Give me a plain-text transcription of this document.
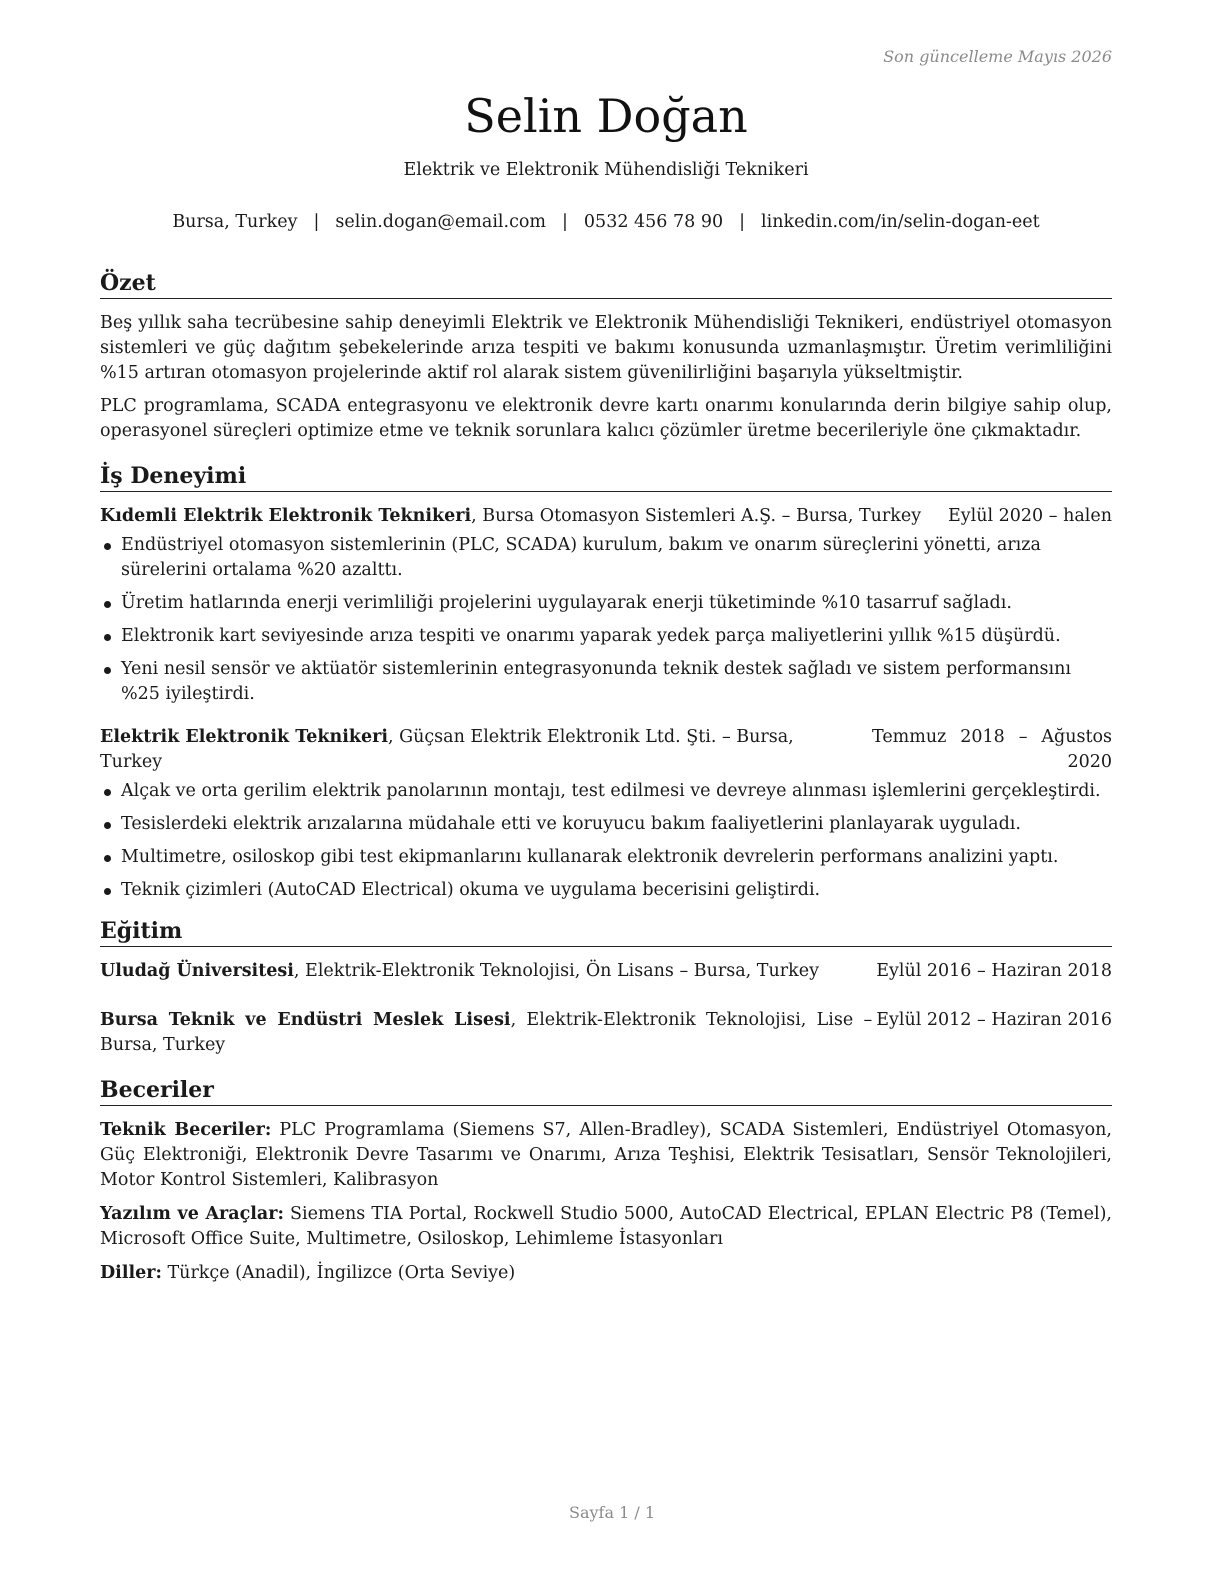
Son güncelleme Mayıs 2026
Selin Doğan
Elektrik ve Elektronik Mühendisliği Teknikeri
Bursa, Turkey | selin.dogan@email.com | 0532 456 78 90 | linkedin.com/in/selin-dogan-eet
Özet

Beş yıllık saha tecrübesine sahip deneyimli Elektrik ve Elektronik Mühendisliği Teknikeri, endüstriyel otomasyon sistemleri ve güç dağıtım şebekelerinde arıza tespiti ve bakımı konusunda uzmanlaşmıştır. Üretim verimliliğini %15 artıran otomasyon projelerinde aktif rol alarak sistem güvenilirliğini başarıyla yükseltmiştir.

PLC programlama, SCADA entegrasyonu ve elektronik devre kartı onarımı konularında derin bilgiye sahip olup, operasyonel süreçleri optimize etme ve teknik sorunlara kalıcı çözümler üretme becerileriyle öne çıkmaktadır.

İş Deneyimi
Kıdemli Elektrik Elektronik Teknikeri, Bursa Otomasyon Sistemleri A.Ş. – Bursa, Turkey	Eylül 2020 – halen
Endüstriyel otomasyon sistemlerinin (PLC, SCADA) kurulum, bakım ve onarım süreçlerini yönetti, arıza sürelerini ortalama %20 azalttı.
Üretim hatlarında enerji verimliliği projelerini uygulayarak enerji tüketiminde %10 tasarruf sağladı.
Elektronik kart seviyesinde arıza tespiti ve onarımı yaparak yedek parça maliyetlerini yıllık %15 düşürdü.
Yeni nesil sensör ve aktüatör sistemlerinin entegrasyonunda teknik destek sağladı ve sistem performansını %25 iyileştirdi.
Elektrik Elektronik Teknikeri, Güçsan Elektrik Elektronik Ltd. Şti. – Bursa, Turkey
Temmuz 2018 – Ağustos 2020
Alçak ve orta gerilim elektrik panolarının montajı, test edilmesi ve devreye alınması işlemlerini gerçekleştirdi.
Tesislerdeki elektrik arızalarına müdahale etti ve koruyucu bakım faaliyetlerini planlayarak uyguladı.
Multimetre, osiloskop gibi test ekipmanlarını kullanarak elektronik devrelerin performans analizini yaptı.
Teknik çizimleri (AutoCAD Electrical) okuma ve uygulama becerisini geliştirdi.
Eğitim
Uludağ Üniversitesi, Elektrik-Elektronik Teknolojisi, Ön Lisans – Bursa, Turkey	Eylül 2016 – Haziran 2018
Bursa Teknik ve Endüstri Meslek Lisesi, Elektrik-Elektronik Teknolojisi, Lise – Bursa, Turkey
Eylül 2012 – Haziran 2016
Beceriler
Teknik Beceriler: PLC Programlama (Siemens S7, Allen-Bradley), SCADA Sistemleri, Endüstriyel Otomasyon, Güç Elektroniği, Elektronik Devre Tasarımı ve Onarımı, Arıza Teşhisi, Elektrik Tesisatları, Sensör Teknolojileri, Motor Kontrol Sistemleri, Kalibrasyon
Yazılım ve Araçlar: Siemens TIA Portal, Rockwell Studio 5000, AutoCAD Electrical, EPLAN Electric P8 (Temel), Microsoft Office Suite, Multimetre, Osiloskop, Lehimleme İstasyonları
Diller: Türkçe (Anadil), İngilizce (Orta Seviye)
Sayfa 1 / 1
